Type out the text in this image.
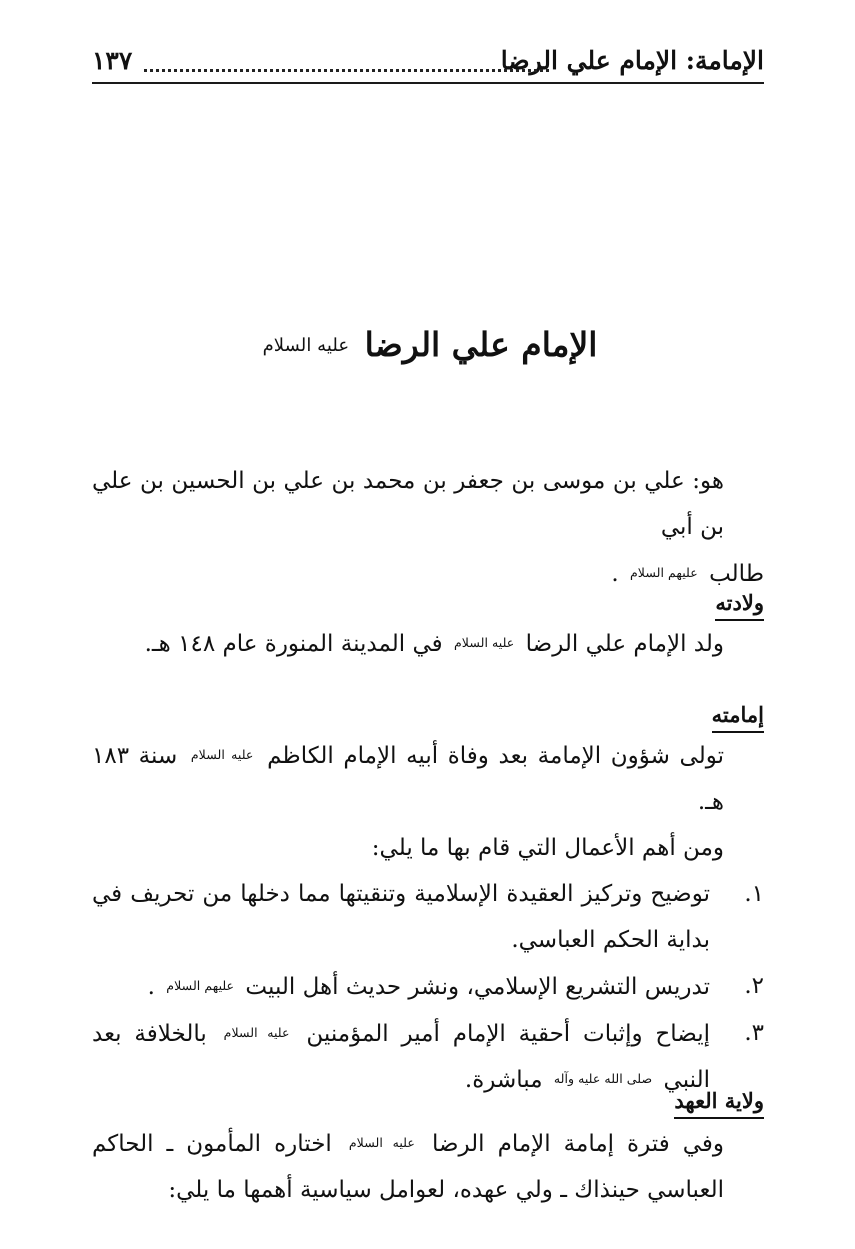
الإمامة: الإمام علي الرضا
١٣٧
الإمام علي الرضا عليه السلام

هو: علي بن موسى بن جعفر بن محمد بن علي بن الحسين بن علي بن أبي

طالب عليهم السلام .

ولادته

ولد الإمام علي الرضا عليه السلام في المدينة المنورة عام ١٤٨ هـ.

إمامته

تولى شؤون الإمامة بعد وفاة أبيه الإمام الكاظم عليه السلام سنة ١٨٣ هـ.

ومن أهم الأعمال التي قام بها ما يلي:

١.
توضيح وتركيز العقيدة الإسلامية وتنقيتها مما دخلها من تحريف في بداية الحكم العباسي.
٢.
تدريس التشريع الإسلامي، ونشر حديث أهل البيت عليهم السلام .
٣.
إيضاح وإثبات أحقية الإمام أمير المؤمنين عليه السلام بالخلافة بعد النبي صلى الله عليه وآله مباشرة.
ولاية العهد

وفي فترة إمامة الإمام الرضا عليه السلام اختاره المأمون ـ الحاكم العباسي حينذاك ـ ولي عهده، لعوامل سياسية أهمها ما يلي:
